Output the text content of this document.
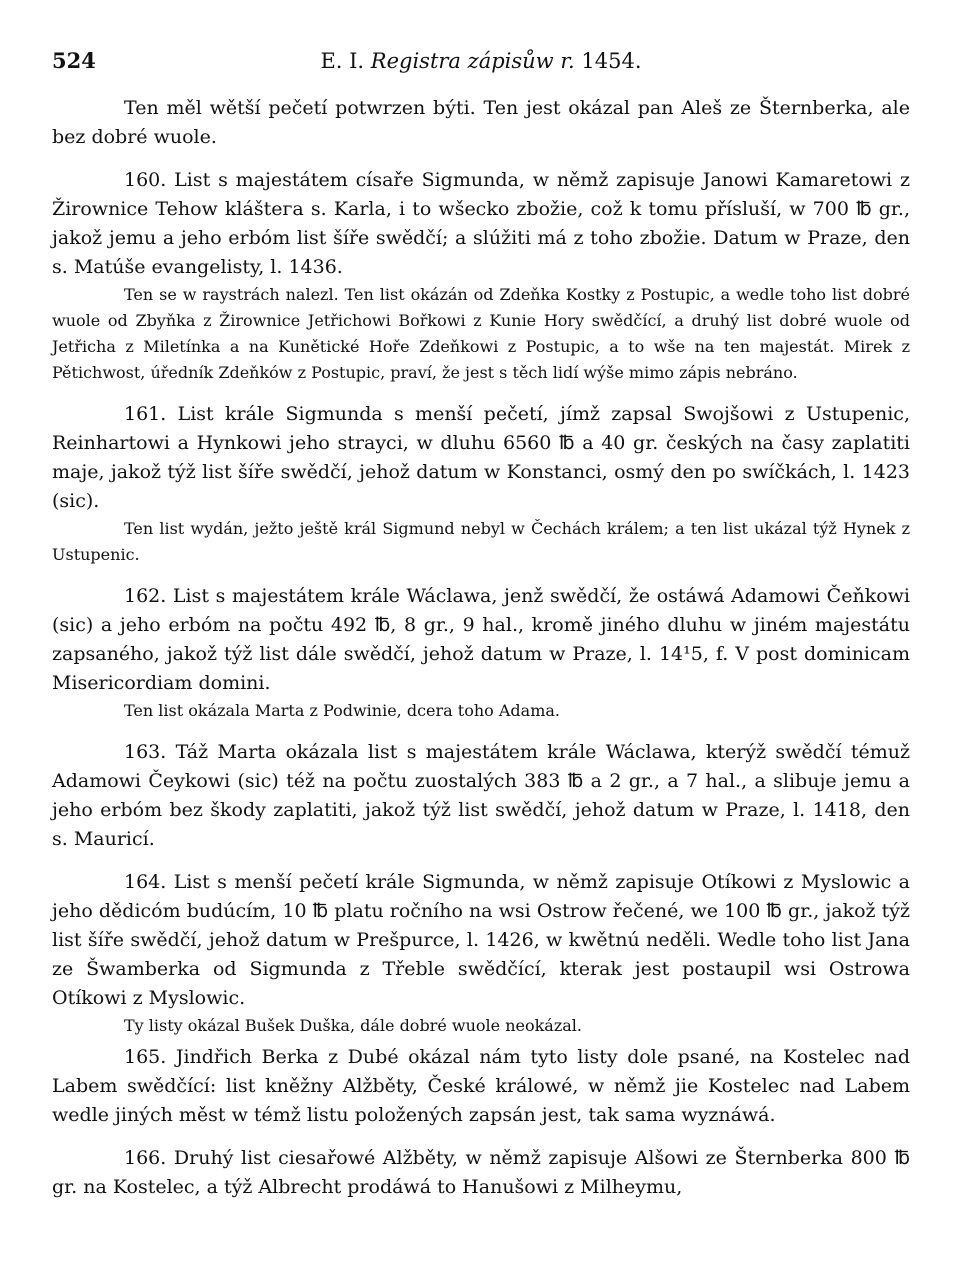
524	E. I. Registra zápisůw r. 1454.

Ten měl wětší pečetí potwrzen býti. Ten jest okázal pan Aleš ze Šternberka, ale bez dobré wuole.

160. List s majestátem císaře Sigmunda, w němž zapisuje Janowi Kamaretowi z Žirownice Tehow klášteга s. Karla, i to wšecko zbožie, což k tomu přísluší, w 700 ℔ gr., jakož jemu a jeho erbóm list šíře swědčí; a slúžiti má z toho zbožie. Datum w Praze, den s. Matúše evangelisty, l. 1436.

Ten se w raystrách nalezl. Ten list okázán od Zdeňka Kostky z Postupic, a wedle toho list dobré wuole od Zbyňka z Žirownice Jetřichowi Bořkowi z Kunie Hory swědčící, a druhý list dobré wuole od Jetřicha z Miletínka a na Kunětické Hoře Zdeňkowi z Postupic, a to wše na ten majestát. Mirek z Pětichwost, úředník Zdeňków z Postupic, praví, že jest s těch lidí wýše mimo zápis nebráno.

161. List krále Sigmunda s menší pečetí, jímž zapsal Swojšowi z Ustupenic, Reinhartowi a Hynkowi jeho strayci, w dluhu 6560 ℔ a 40 gr. českých na časy zaplatiti maje, jakož týž list šíře swědčí, jehož datum w Konstanci, osmý den po swíčkách, l. 1423 (sic).

Ten list wydán, ježto ještě král Sigmund nebyl w Čechách králem; a ten list ukázal týž Hynek z Ustupenic.

162. List s majestátem krále Wáclawa, jenž swědčí, že ostáwá Adamowi Čeňkowi (sic) a jeho erbóm na počtu 492 ℔, 8 gr., 9 hal., kromě jiného dluhu w jiném majestátu zapsaného, jakož týž list dále swědčí, jehož datum w Praze, l. 14¹5, f. V post dominicam Misericordiam domini.

Ten list okázala Marta z Podwinie, dcera toho Adama.

163. Táž Marta okázala list s majestátem krále Wáclawa, kterýž swědčí témuž Adamowi Čeykowi (sic) též na počtu zuostalých 383 ℔ a 2 gr., a 7 hal., a slibuje jemu a jeho erbóm bez škody zaplatiti, jakož týž list swědčí, jehož datum w Praze, l. 1418, den s. Mauricí.

164. List s menší pečetí krále Sigmunda, w němž zapisuje Otíkowi z Myslowic a jeho dědicóm budúcím, 10 ℔ platu ročního na wsi Ostrow řečené, we 100 ℔ gr., jakož týž list šíře swědčí, jehož datum w Prešpurce, l. 1426, w kwětnú neděli. Wedle toho list Jana ze Šwamberka od Sigmunda z Třeble swědčící, kterak jest postaupil wsi Ostrowa Otíkowi z Myslowic.

Ty listy okázal Bušek Duška, dále dobré wuole neokázal.

165. Jindřich Berka z Dubé okázal nám tyto listy dole psané, na Kostelec nad Labem swědčící: list kněžny Alžběty, České králowé, w němž jie Kostelec nad Labem wedle jiných měst w témž listu položených zapsán jest, tak sama wyznáwá.

166. Druhý list ciesařowé Alžběty, w němž zapisuje Alšowi ze Šternberka 800 ℔ gr. na Kostelec, a týž Albrecht prodáwá to Hanušowi z Milheymu,
